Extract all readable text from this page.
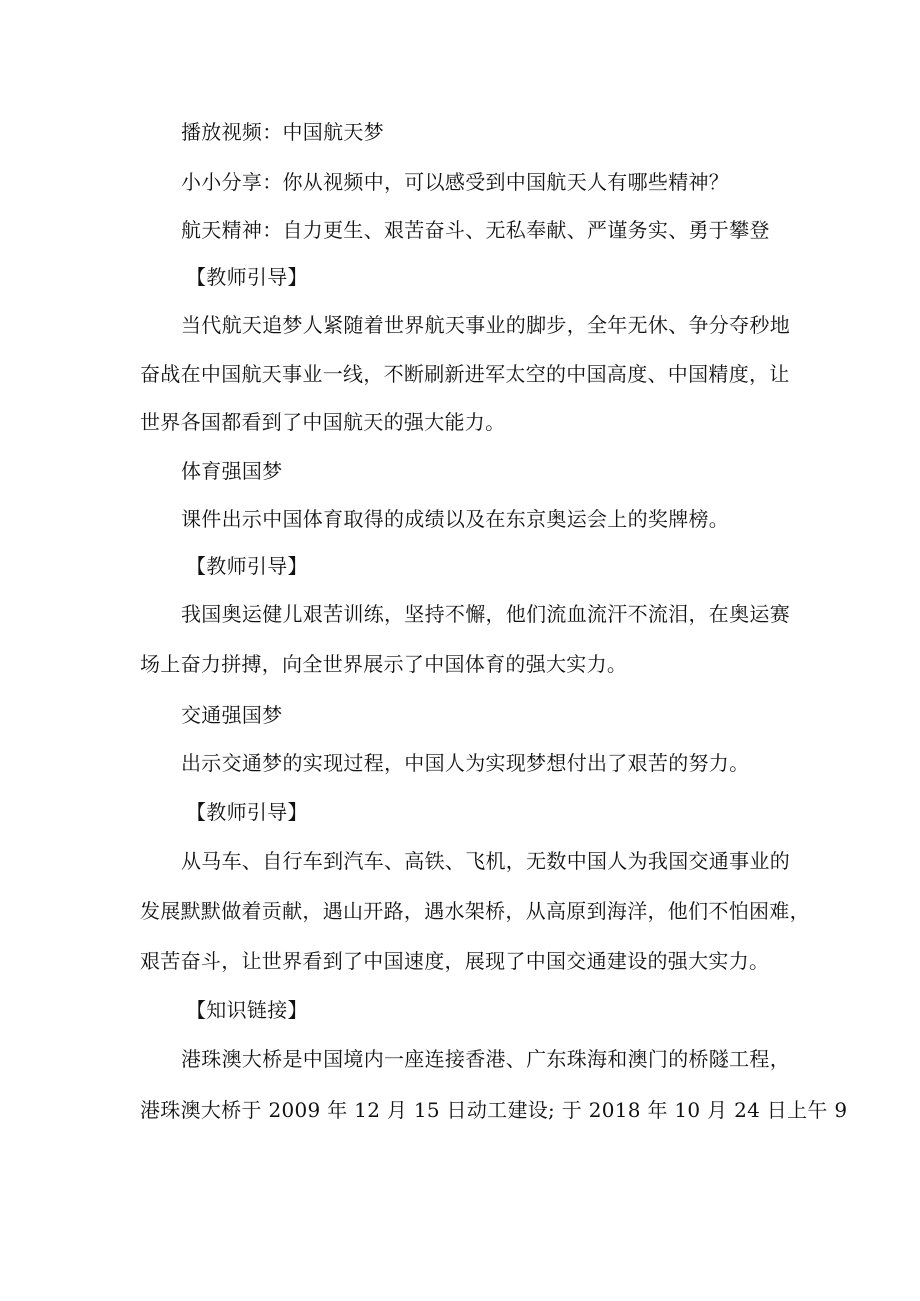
播放视频：中国航天梦

小小分享：你从视频中，可以感受到中国航天人有哪些精神？

航天精神：自力更生、艰苦奋斗、无私奉献、严谨务实、勇于攀登

【教师引导】

当代航天追梦人紧随着世界航天事业的脚步，全年无休、争分夺秒地

奋战在中国航天事业一线，不断刷新进军太空的中国高度、中国精度，让

世界各国都看到了中国航天的强大能力。

体育强国梦

课件出示中国体育取得的成绩以及在东京奥运会上的奖牌榜。

【教师引导】

我国奥运健儿艰苦训练，坚持不懈，他们流血流汗不流泪，在奥运赛

场上奋力拼搏，向全世界展示了中国体育的强大实力。

交通强国梦

出示交通梦的实现过程，中国人为实现梦想付出了艰苦的努力。

【教师引导】

从马车、自行车到汽车、高铁、飞机，无数中国人为我国交通事业的

发展默默做着贡献，遇山开路，遇水架桥，从高原到海洋，他们不怕困难，

艰苦奋斗，让世界看到了中国速度，展现了中国交通建设的强大实力。

【知识链接】

港珠澳大桥是中国境内一座连接香港、广东珠海和澳门的桥隧工程，

港珠澳大桥于 2009 年 12 月 15 日动工建设; 于 2018 年 10 月 24 日上午 9
